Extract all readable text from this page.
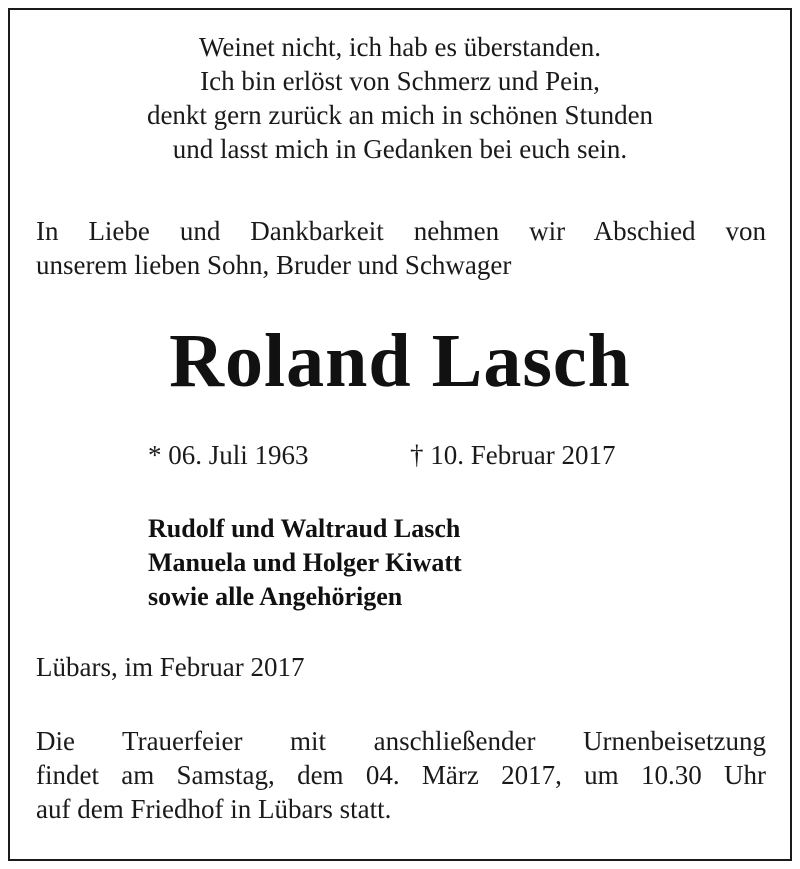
Weinet nicht, ich hab es überstanden.

Ich bin erlöst von Schmerz und Pein,

denkt gern zurück an mich in schönen Stunden

und lasst mich in Gedanken bei euch sein.

In Liebe und Dankbarkeit nehmen wir Abschied von

unserem lieben Sohn, Bruder und Schwager

Roland Lasch

* 06. Juli 1963	† 10. Februar 2017

Rudolf und Waltraud Lasch

Manuela und Holger Kiwatt

sowie alle Angehörigen

Lübars, im Februar 2017

Die Trauerfeier mit anschließender Urnenbeisetzung

findet am Samstag, dem 04. März 2017, um 10.30 Uhr

auf dem Friedhof in Lübars statt.
